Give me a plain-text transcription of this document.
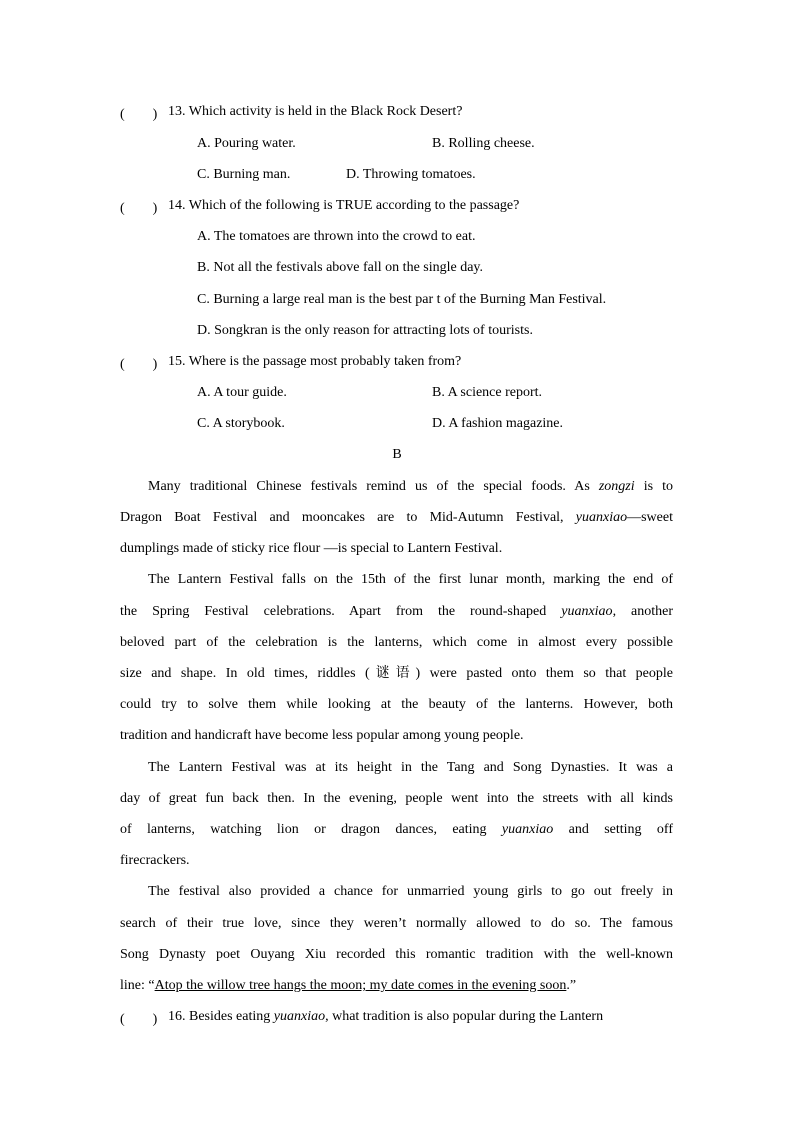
(　　) 13. Which activity is held in the Black Rock Desert?
A. Pouring water.	B. Rolling cheese.
C. Burning man.	D. Throwing tomatoes.
(　　) 14. Which of the following is TRUE according to the passage?
A. The tomatoes are thrown into the crowd to eat.
B. Not all the festivals above fall on the single day.
C. Burning a large real man is the best par t of the Burning Man Festival.
D. Songkran is the only reason for attracting lots of tourists.
(　　) 15. Where is the passage most probably taken from?
A. A tour guide.	B. A science report.
C. A storybook.	D. A fashion magazine.
B
Many traditional Chinese festivals remind us of the special foods. As zongzi is to
Dragon Boat Festival and mooncakes are to Mid-Autumn Festival, yuanxiao—sweet
dumplings made of sticky rice flour —is special to Lantern Festival.
The Lantern Festival falls on the 15th of the first lunar month, marking the end of
the Spring Festival celebrations. Apart from the round-shaped yuanxiao, another
beloved part of the celebration is the lanterns, which come in almost every possible
size and shape. In old times, riddles (谜语) were pasted onto them so that people
could try to solve them while looking at the beauty of the lanterns. However, both
tradition and handicraft have become less popular among young people.
The Lantern Festival was at its height in the Tang and Song Dynasties. It was a
day of great fun back then. In the evening, people went into the streets with all kinds
of lanterns, watching lion or dragon dances, eating yuanxiao and setting off
firecrackers.
The festival also provided a chance for unmarried young girls to go out freely in
search of their true love, since they weren’t normally allowed to do so. The famous
Song Dynasty poet Ouyang Xiu recorded this romantic tradition with the well-known
line: “Atop the willow tree hangs the moon; my date comes in the evening soon.”
(　　) 16. Besides eating yuanxiao, what tradition is also popular during the Lantern
